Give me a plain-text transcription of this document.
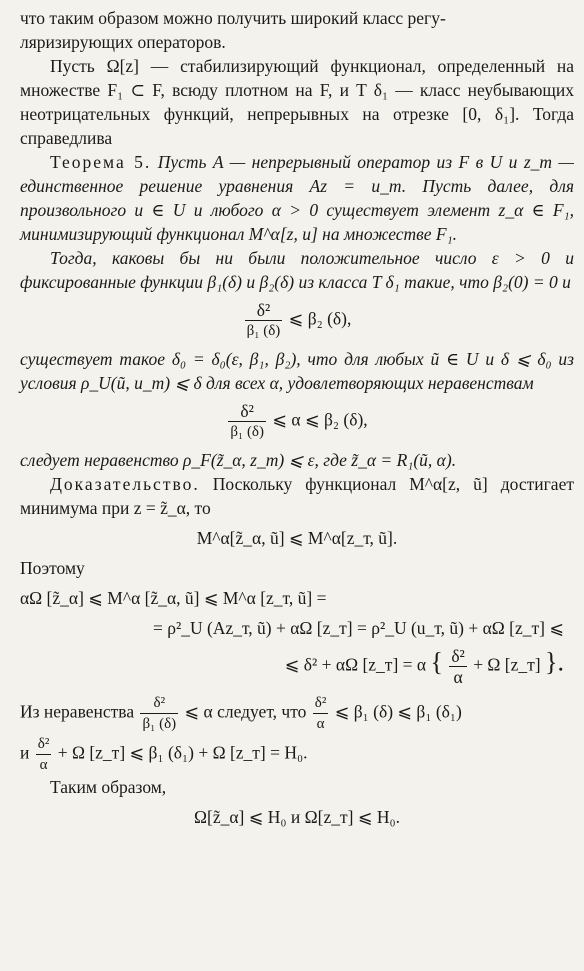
что таким образом можно получить широкий класс регу-

ляризирующих операторов.

Пусть Ω[z] — стабилизирующий функционал, определенный на множестве F₁ ⊂ F, всюду плотном на F, и T δ₁ — класс неубывающих неотрицательных функций, непрерывных на отрезке [0, δ₁]. Тогда справедлива

Теорема 5. Пусть A — непрерывный оператор из F в U и z_т — единственное решение уравнения Az = u_т. Пусть далее, для произвольного u ∈ U и любого α > 0 существует элемент z_α ∈ F₁, минимизирующий функционал M^α[z, u] на множестве F₁.

Тогда, каковы бы ни были положительное число ε > 0 и фиксированные функции β₁(δ) и β₂(δ) из класса T δ₁ такие, что β₂(0) = 0 и

$\frac{\text{δ²}}{\text{β₁ (δ)}}$ ⩽ β₂ (δ),

существует такое δ₀ = δ₀(ε, β₁, β₂), что для любых ũ ∈ U и δ ⩽ δ₀ из условия ρ_U(ũ, u_т) ⩽ δ для всех α, удовлетворяющих неравенствам

$\frac{\text{δ²}}{\text{β₁ (δ)}}$ ⩽ α ⩽ β₂ (δ),

следует неравенство ρ_F(z̃_α, z_т) ⩽ ε, где z̃_α = R₁(ũ, α).

Доказательство. Поскольку функционал M^α[z, ũ] достигает минимума при z = z̃_α, то

M^α[z̃_α, ũ] ⩽ M^α[z_т, ũ].

Поэтому

αΩ [z̃_α] ⩽ M^α [z̃_α, ũ] ⩽ M^α [z_т, ũ] =
= ρ²_U (Az_т, ũ) + αΩ [z_т] = ρ²_U (u_т, ũ) + αΩ [z_т] ⩽
⩽ δ² + αΩ [z_т] = α { $\frac{\text{δ²}}{\alpha} + \Omega$ [z_т] }.

Из неравенства $\frac{\text{δ²}}{\text{β₁ (δ)}}$ ⩽ α следует, что $\frac{\text{δ²}}{\alpha}$ ⩽ β₁ (δ) ⩽ β₁ (δ₁)

и $\frac{\text{δ²}}{\alpha} + \Omega$ [z_т] ⩽ β₁ (δ₁) + Ω [z_т] = H₀.

Таким образом,

Ω[z̃_α] ⩽ H₀ и Ω[z_т] ⩽ H₀.
